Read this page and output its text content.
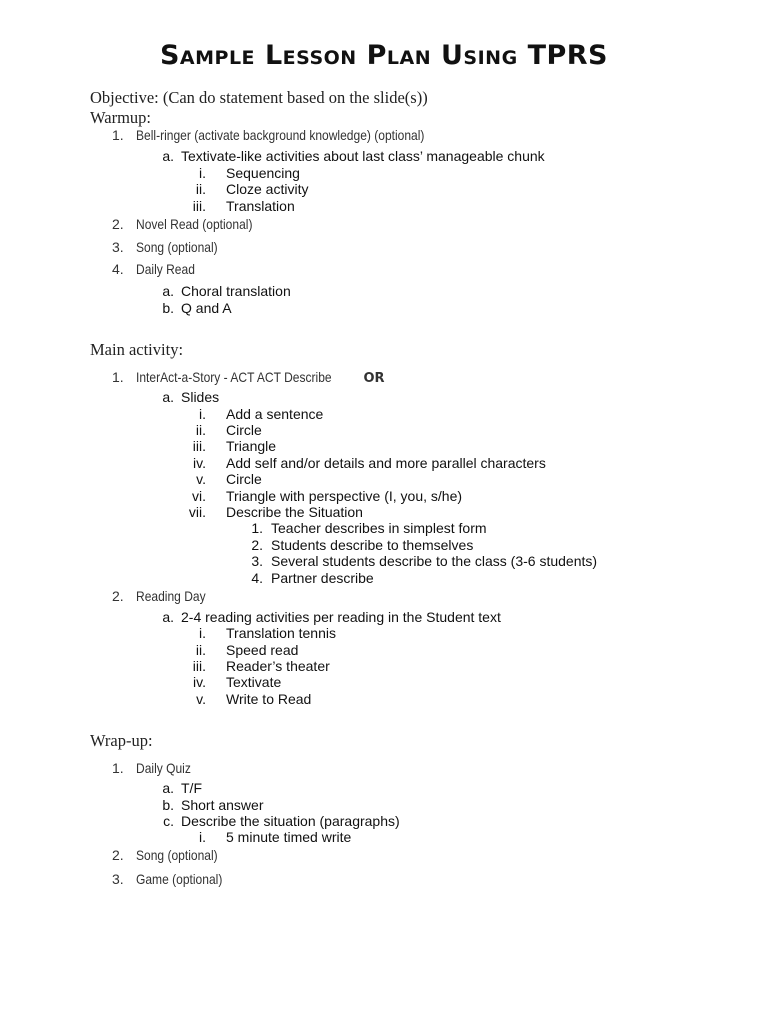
Sample Lesson Plan Using TPRS
Objective: (Can do statement based on the slide(s))
Warmup:
1. Bell-ringer (activate background knowledge) (optional)
a. Textivate-like activities about last class’ manageable chunk
i. Sequencing
ii. Cloze activity
iii. Translation
2. Novel Read (optional)
3. Song (optional)
4. Daily Read
a. Choral translation
b. Q and A
Main activity:
1. InterAct-a-Story - ACT ACT DescribeOR
a. Slides
i. Add a sentence
ii. Circle
iii. Triangle
iv. Add self and/or details and more parallel characters
v. Circle
vi. Triangle with perspective (I, you, s/he)
vii. Describe the Situation
1. Teacher describes in simplest form
2. Students describe to themselves
3. Several students describe to the class (3-6 students)
4. Partner describe
2. Reading Day
a. 2-4 reading activities per reading in the Student text
i. Translation tennis
ii. Speed read
iii. Reader’s theater
iv. Textivate
v. Write to Read
Wrap-up:
1. Daily Quiz
a. T/F
b. Short answer
c. Describe the situation (paragraphs)
i. 5 minute timed write
2. Song (optional)
3. Game (optional)
